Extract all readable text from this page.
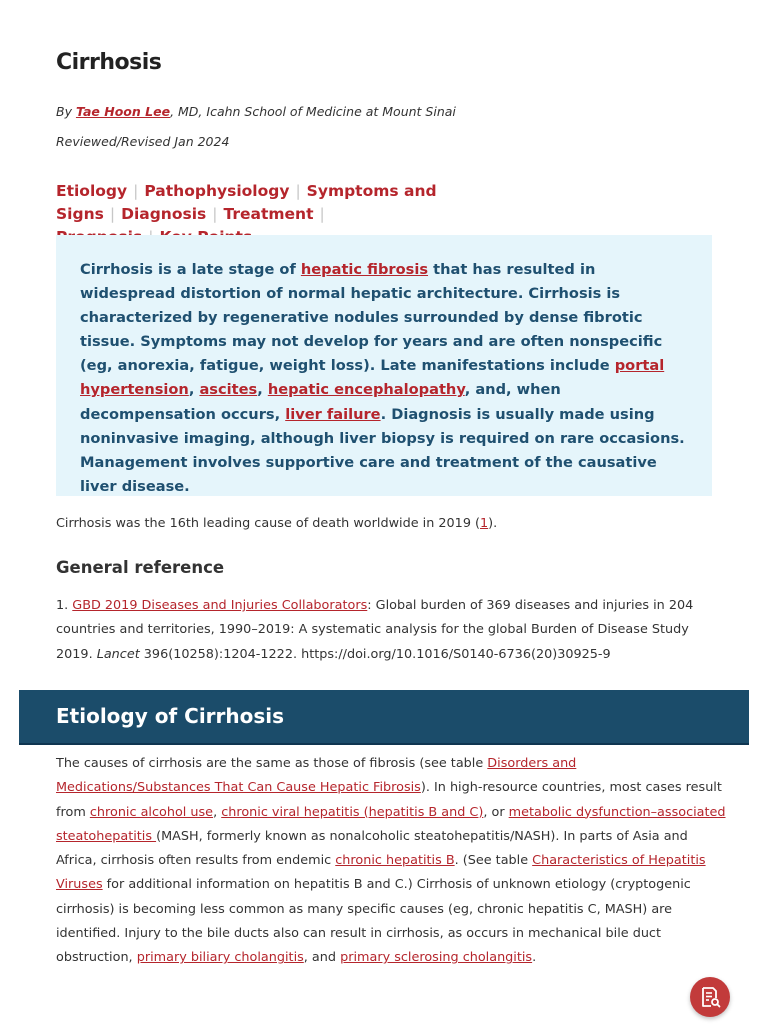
Cirrhosis
By Tae Hoon Lee, MD, Icahn School of Medicine at Mount Sinai
Reviewed/Revised Jan 2024
Etiology | Pathophysiology | Symptoms and Signs | Diagnosis | Treatment |

Cirrhosis is a late stage of hepatic fibrosis that has resulted in widespread distortion of normal hepatic architecture. Cirrhosis is characterized by regenerative nodules surrounded by dense fibrotic tissue. Symptoms may not develop for years and are often nonspecific (eg, anorexia, fatigue, weight loss). Late manifestations include portal hypertension, ascites, hepatic encephalopathy, and, when decompensation occurs, liver failure. Diagnosis is usually made using noninvasive imaging, although liver biopsy is required on rare occasions. Management involves supportive care and treatment of the causative liver disease.

Cirrhosis was the 16th leading cause of death worldwide in 2019 (1).

General reference

1. GBD 2019 Diseases and Injuries Collaborators: Global burden of 369 diseases and injuries in 204 countries and territories, 1990–2019: A systematic analysis for the global Burden of Disease Study 2019. Lancet 396(10258):1204-1222. https://doi.org/10.1016/S0140-6736(20)30925-9

Etiology of Cirrhosis

The causes of cirrhosis are the same as those of fibrosis (see table Disorders and Medications/Substances That Can Cause Hepatic Fibrosis). In high-resource countries, most cases result from chronic alcohol use, chronic viral hepatitis (hepatitis B and C), or metabolic dysfunction–associated steatohepatitis (MASH, formerly known as nonalcoholic steatohepatitis/NASH). In parts of Asia and Africa, cirrhosis often results from endemic chronic hepatitis B. (See table Characteristics of Hepatitis Viruses for additional information on hepatitis B and C.) Cirrhosis of unknown etiology (cryptogenic cirrhosis) is becoming less common as many specific causes (eg, chronic hepatitis C, MASH) are identified. Injury to the bile ducts also can result in cirrhosis, as occurs in mechanical bile duct obstruction, primary biliary cholangitis, and primary sclerosing cholangitis.
